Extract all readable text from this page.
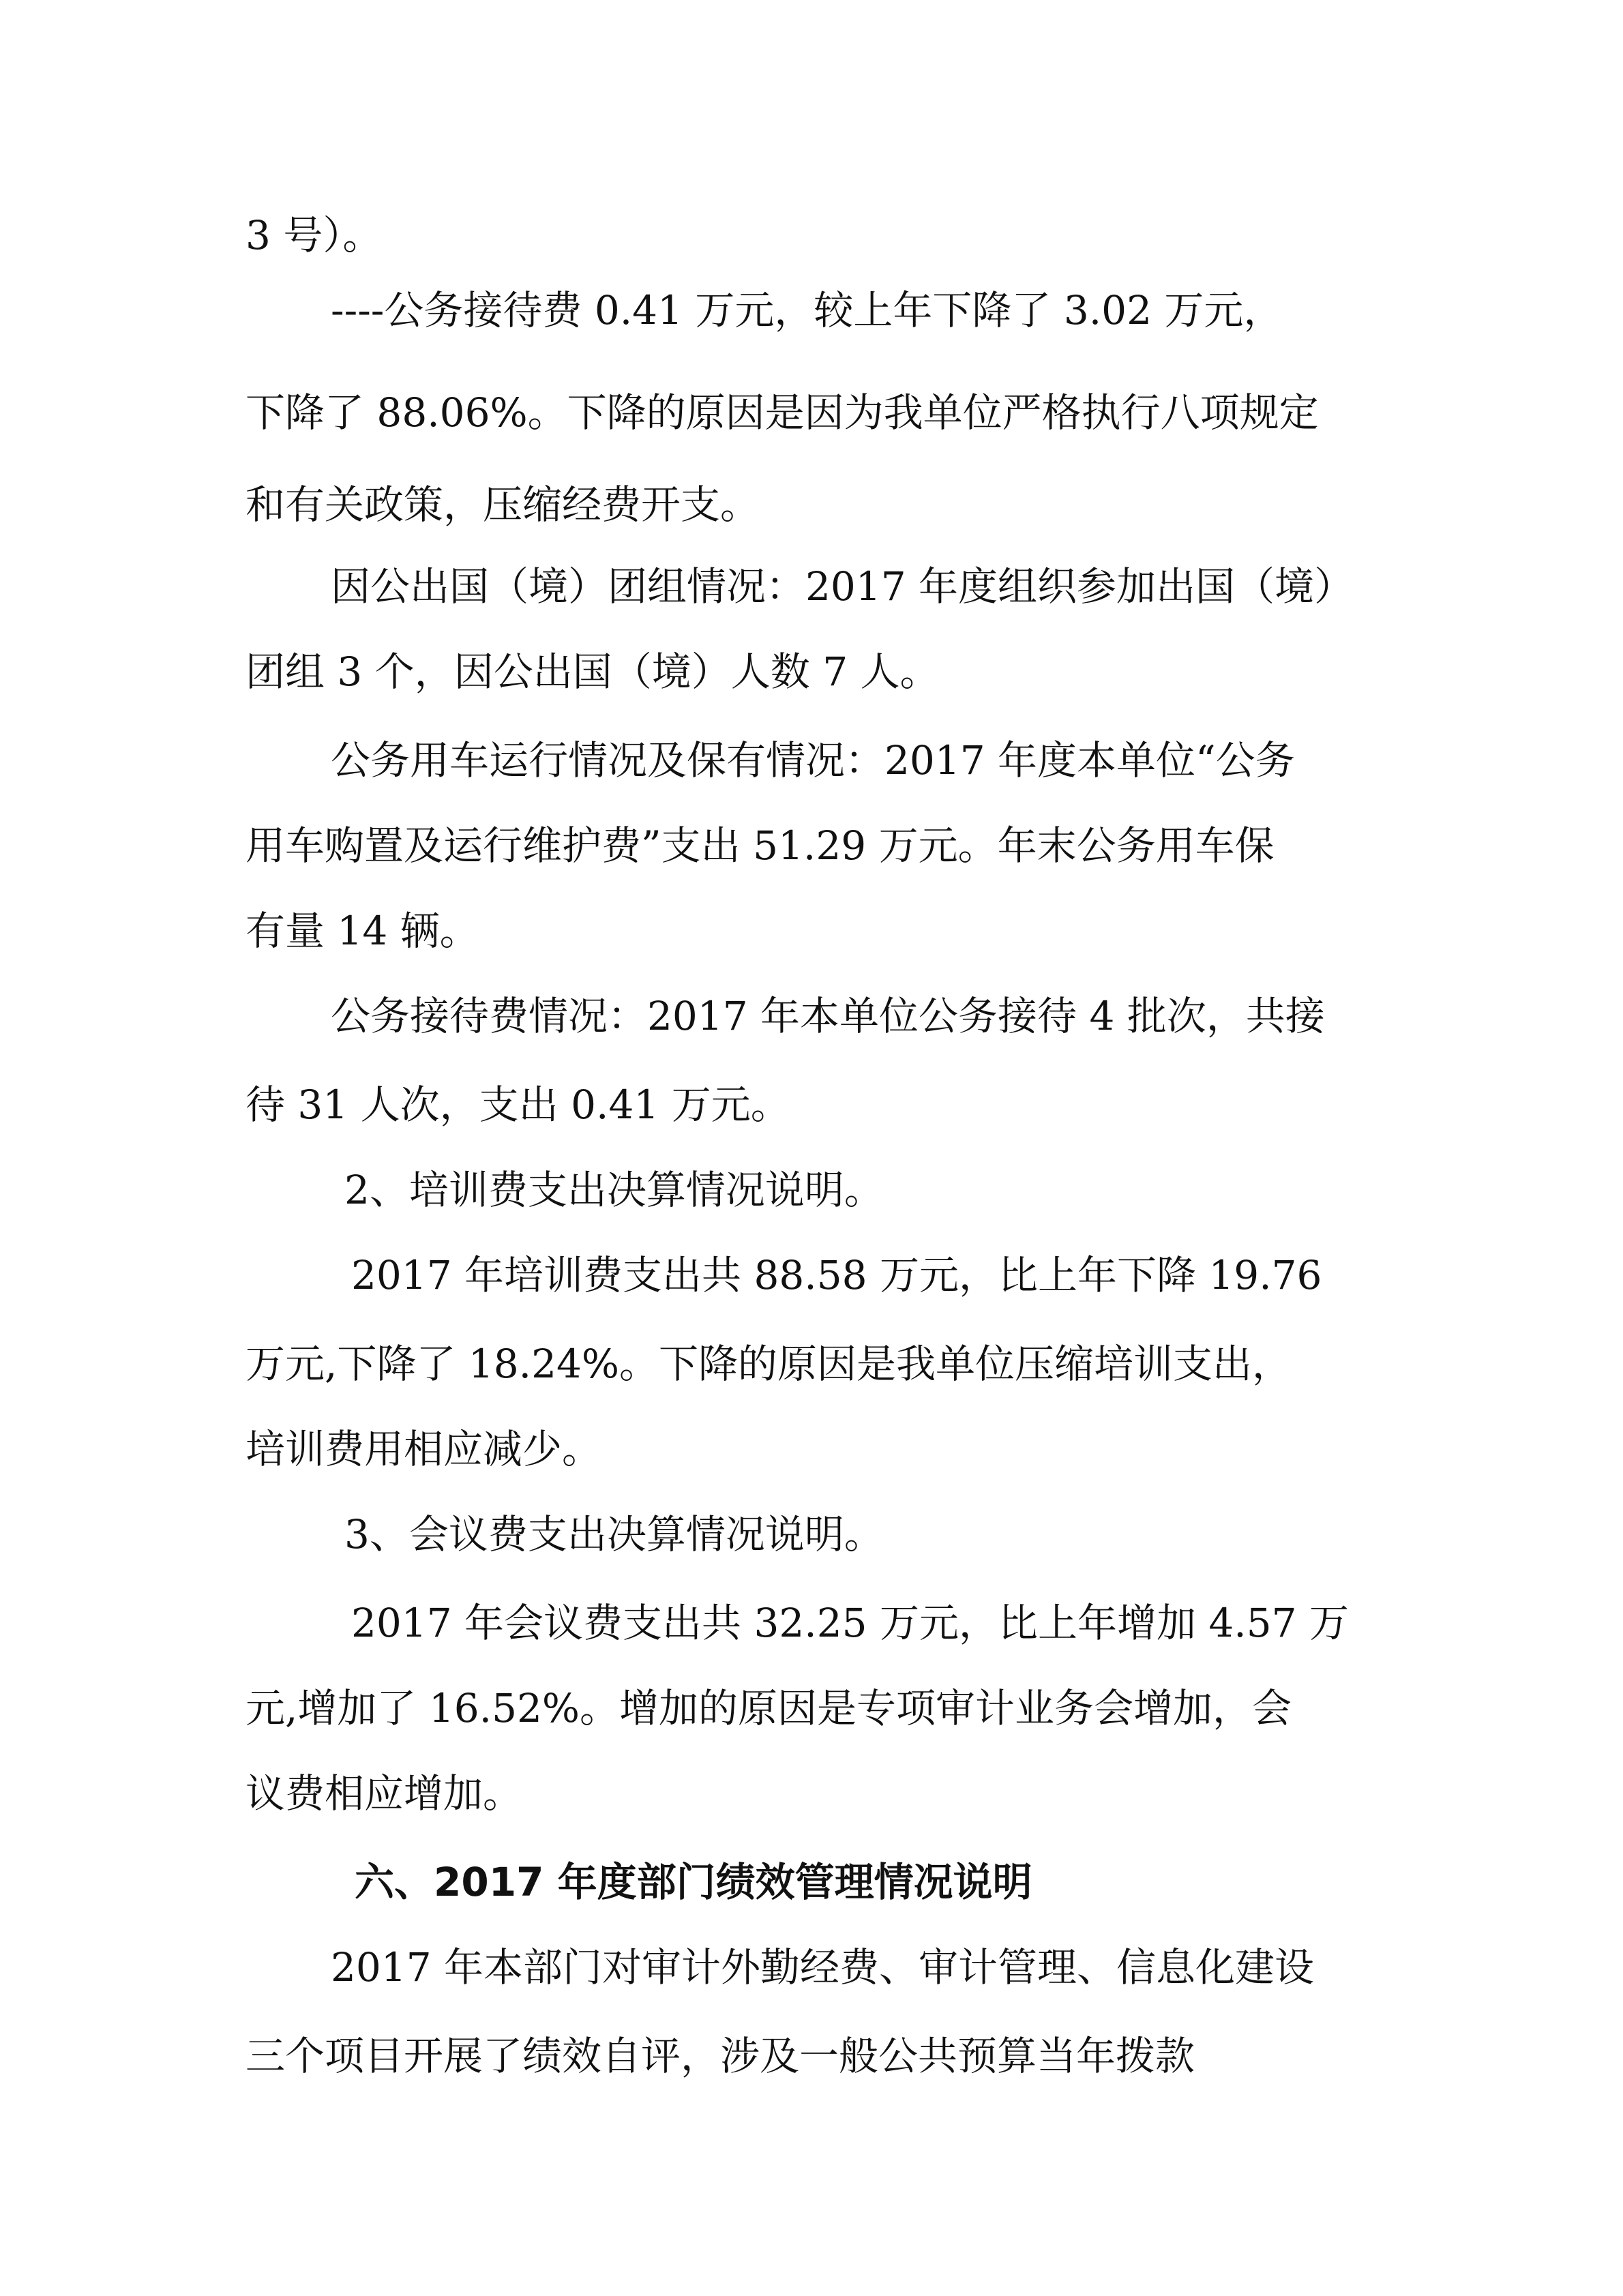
3 号）。

----公务接待费 0.41 万元，较上年下降了 3.02 万元，

下降了 88.06%。下降的原因是因为我单位严格执行八项规定

和有关政策，压缩经费开支。

因公出国（境）团组情况：2017 年度组织参加出国（境）

团组 3 个，因公出国（境）人数 7 人。

公务用车运行情况及保有情况：2017 年度本单位“公务

用车购置及运行维护费”支出 51.29 万元。年末公务用车保

有量 14 辆。

公务接待费情况：2017 年本单位公务接待 4 批次，共接

待 31 人次，支出 0.41 万元。

2、培训费支出决算情况说明。

2017 年培训费支出共 88.58 万元，比上年下降 19.76

万元,下降了 18.24%。下降的原因是我单位压缩培训支出，

培训费用相应减少。

3、会议费支出决算情况说明。

2017 年会议费支出共 32.25 万元，比上年增加 4.57 万

元,增加了 16.52%。增加的原因是专项审计业务会增加，会

议费相应增加。

六、2017 年度部门绩效管理情况说明

2017 年本部门对审计外勤经费、审计管理、信息化建设

三个项目开展了绩效自评，涉及一般公共预算当年拨款
